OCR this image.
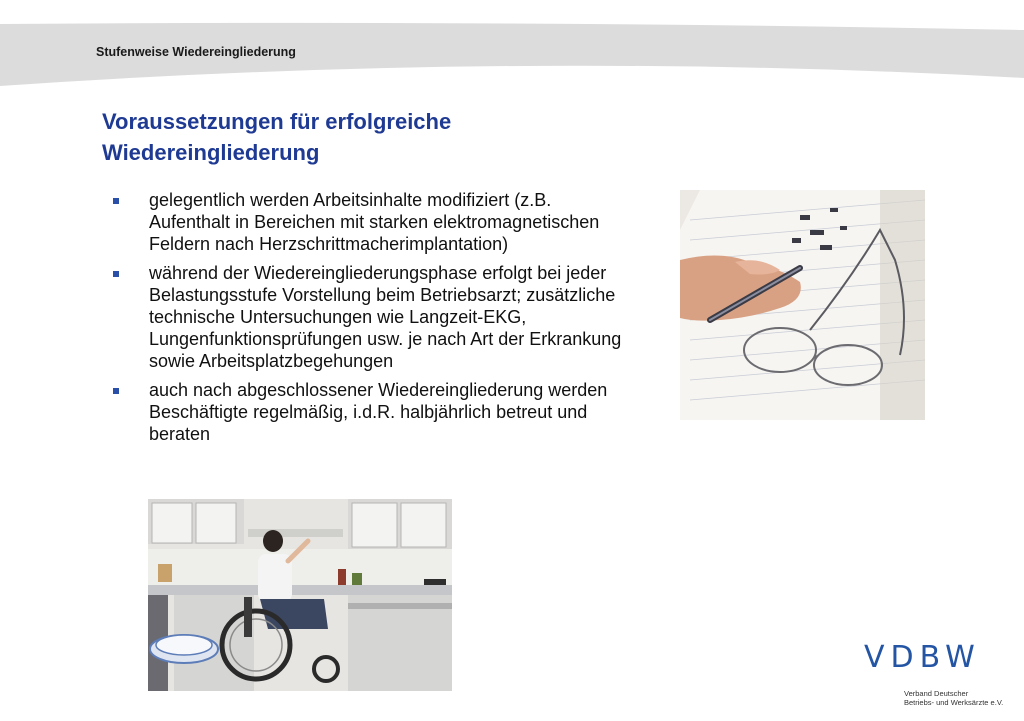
Stufenweise Wiedereingliederung
Voraussetzungen für erfolgreiche
Wiedereingliederung
gelegentlich werden Arbeitsinhalte modifiziert (z.B. Aufenthalt in Bereichen mit starken elektromagnetischen Feldern nach Herzschrittmacherimplantation)
während der Wiedereingliederungsphase erfolgt bei jeder Belastungsstufe Vorstellung beim Betriebsarzt; zusätzliche technische Untersuchungen wie Langzeit-EKG, Lungenfunktionsprüfungen usw. je nach Art der Erkrankung sowie Arbeitsplatzbegehungen
auch nach abgeschlossener Wiedereingliederung werden Beschäftigte regelmäßig, i.d.R. halbjährlich betreut und beraten
VDBW
Verband Deutscher
Betriebs- und Werksärzte e.V.
